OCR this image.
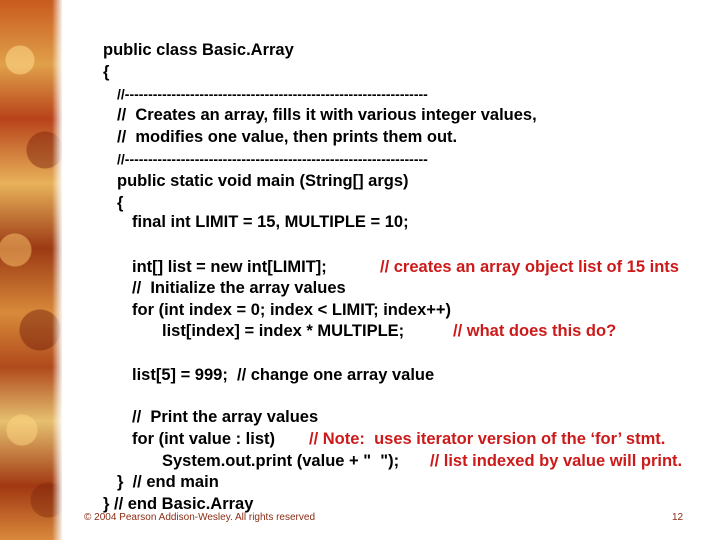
public class Basic.Array
{
//-----------------------------------------------------------------
//  Creates an array, fills it with various integer values,
//  modifies one value, then prints them out.
//-----------------------------------------------------------------
public static void main (String[] args)
{
final int LIMIT = 15, MULTIPLE = 10;
int[] list = new int[LIMIT];	// creates an array object list of 15 ints
//  Initialize the array values
for (int index = 0; index < LIMIT; index++)
list[index] = index * MULTIPLE;	// what does this do?
list[5] = 999;  // change one array value
//  Print the array values
for (int value : list) // Note:  uses iterator version of the ‘for’ stmt.
System.out.print (value + "  "); // list indexed by value will print.
}  // end main
} // end Basic.Array
© 2004 Pearson Addison-Wesley. All rights reserved	12
